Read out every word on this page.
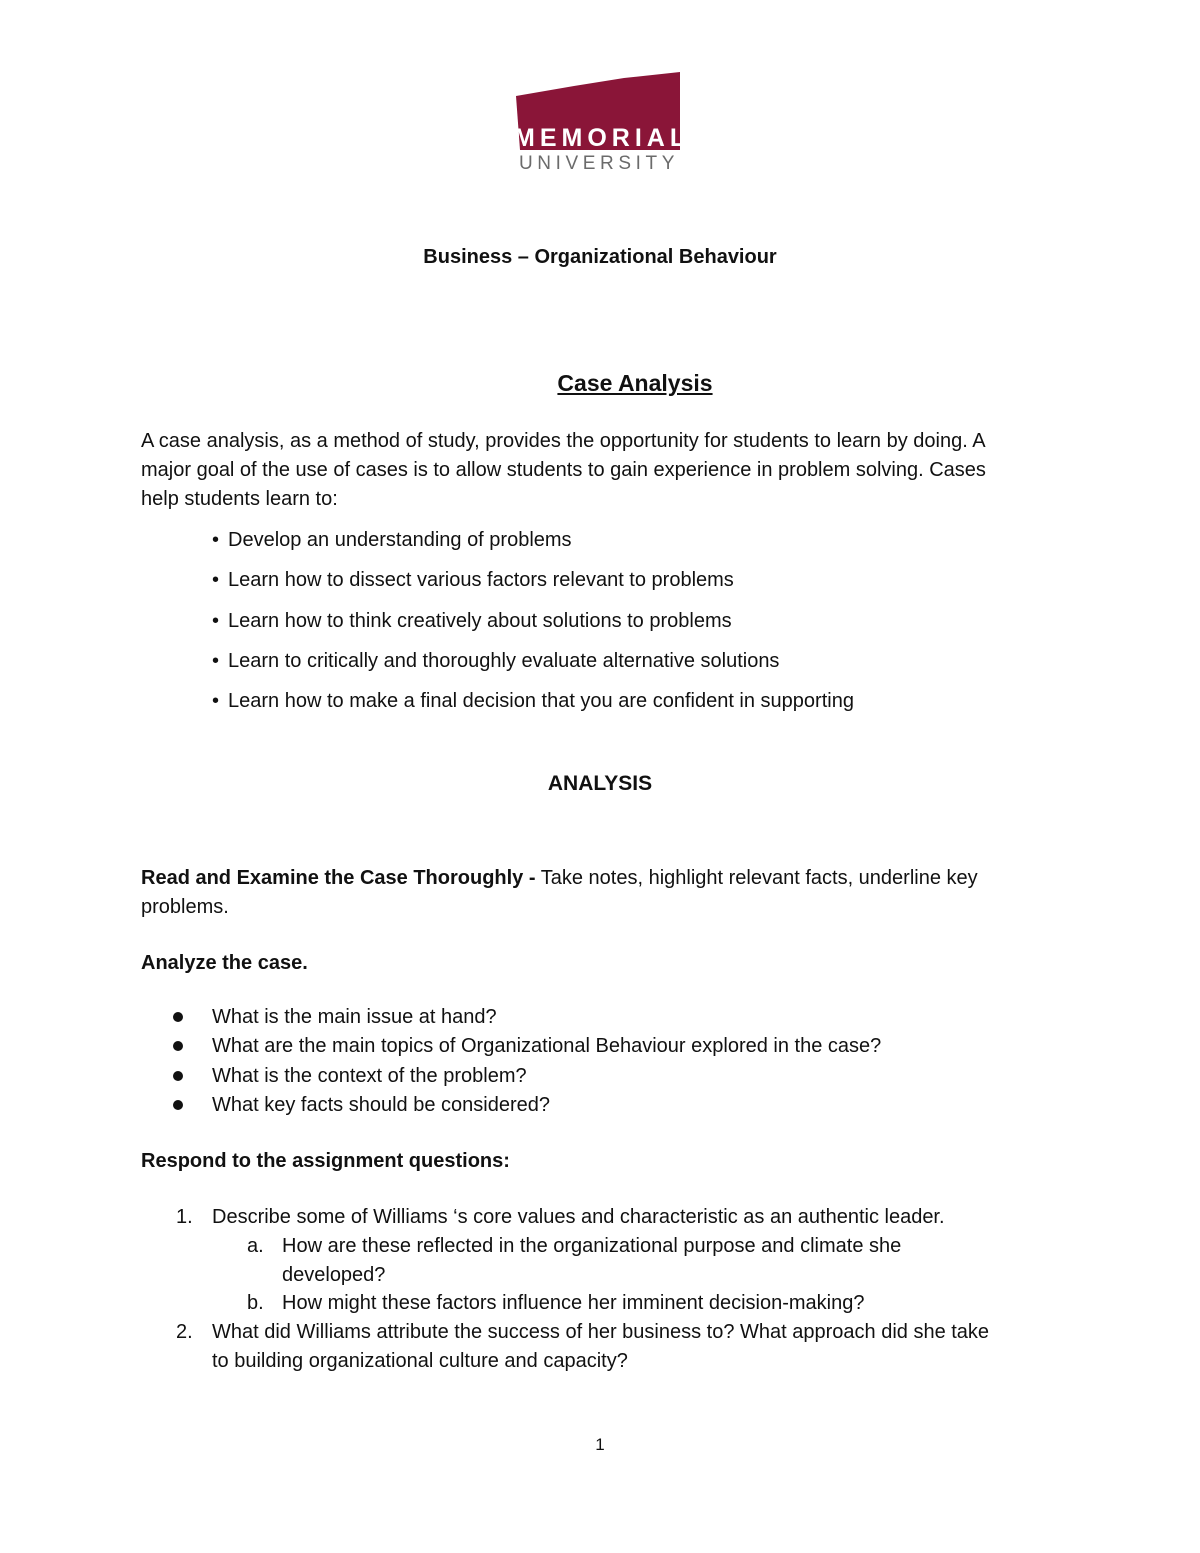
MEMORIAL
UNIVERSITY
Business – Organizational Behaviour
Case Analysis

A case analysis, as a method of study, provides the opportunity for students to learn by doing. A
major goal of the use of cases is to allow students to gain experience in problem solving. Cases
help students learn to:

• Develop an understanding of problems
• Learn how to dissect various factors relevant to problems
• Learn how to think creatively about solutions to problems
• Learn to critically and thoroughly evaluate alternative solutions
• Learn how to make a final decision that you are confident in supporting
ANALYSIS

Read and Examine the Case Thoroughly - Take notes, highlight relevant facts, underline key
problems.

Analyze the case.
What is the main issue at hand?
What are the main topics of Organizational Behaviour explored in the case?
What is the context of the problem?
What key facts should be considered?
Respond to the assignment questions:
1. Describe some of Williams ‘s core values and characteristic as an authentic leader.
a. How are these reflected in the organizational purpose and climate she
developed?
b. How might these factors influence her imminent decision-making?
2. What did Williams attribute the success of her business to? What approach did she take
to building organizational culture and capacity?
1
